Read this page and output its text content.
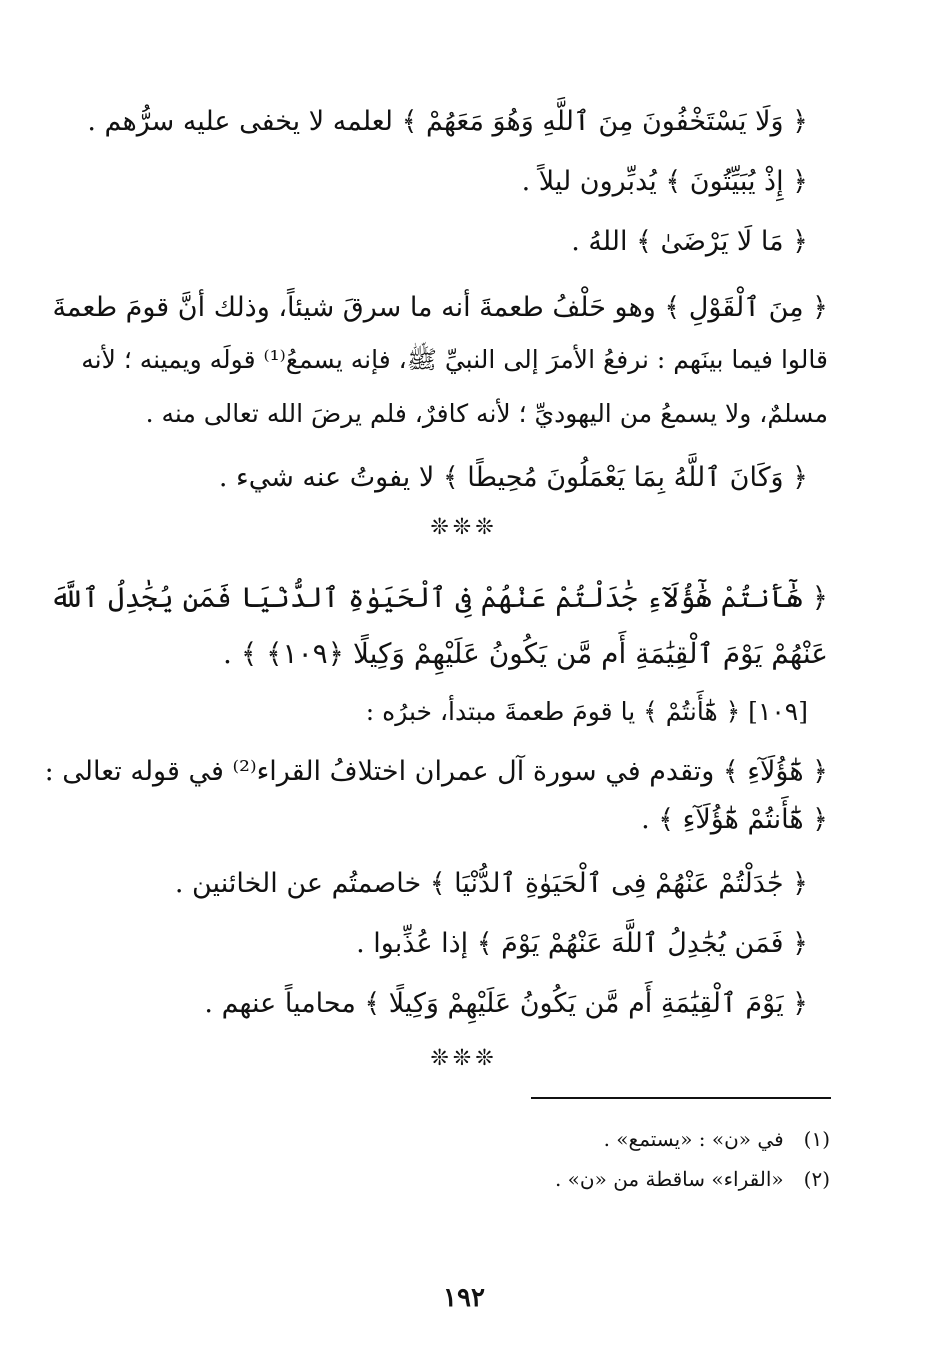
﴿ وَلَا يَسْتَخْفُونَ مِنَ ٱللَّهِ وَهُوَ مَعَهُمْ ﴾ لعلمه لا يخفى عليه سرُّهم .
﴿ إِذْ يُبَيِّتُونَ ﴾ يُدبِّرون ليلاً .
﴿ مَا لَا يَرْضَىٰ ﴾ اللهُ .
﴿ مِنَ ٱلْقَوْلِ ﴾ وهو حَلْفُ طعمةَ أنه ما سرقَ شيئاً، وذلك أنَّ قومَ طعمةَ
قالوا فيما بينَهم : نرفعُ الأمرَ إلى النبيِّ ﷺ، فإنه يسمعُ⁽¹⁾ قولَه ويمينه ؛ لأنه
مسلمٌ، ولا يسمعُ من اليهوديِّ ؛ لأنه كافرٌ، فلم يرضَ الله تعالى منه .
﴿ وَكَانَ ٱللَّهُ بِمَا يَعْمَلُونَ مُحِيطًا ﴾ لا يفوتُ عنه شيء .
❊❊❊
﴿ هَٰٓأَنتُمْ هَٰٓؤُلَآءِ جَٰدَلْتُمْ عَنْهُمْ فِى ٱلْحَيَوٰةِ ٱلدُّنْيَا فَمَن يُجَٰدِلُ ٱللَّهَ
عَنْهُمْ يَوْمَ ٱلْقِيَٰمَةِ أَم مَّن يَكُونُ عَلَيْهِمْ وَكِيلًا ﴿١٠٩﴾ ﴾ .
[١٠٩] ﴿ هَٰٓأَنتُمْ ﴾ يا قومَ طعمةَ مبتدأ، خبرُه :
﴿ هَٰٓؤُلَآءِ ﴾ وتقدم في سورة آل عمران اختلافُ القراء⁽²⁾ في قوله تعالى :
﴿ هَٰٓأَنتُمْ هَٰٓؤُلَآءِ ﴾ .
﴿ جَٰدَلْتُمْ عَنْهُمْ فِى ٱلْحَيَوٰةِ ٱلدُّنْيَا ﴾ خاصمتُم عن الخائنين .
﴿ فَمَن يُجَٰدِلُ ٱللَّهَ عَنْهُمْ يَوْمَ ﴾ إذا عُذِّبوا .
﴿ يَوْمَ ٱلْقِيَٰمَةِ أَم مَّن يَكُونُ عَلَيْهِمْ وَكِيلًا ﴾ محامياً عنهم .
❊❊❊
(١) في «ن» : «يستمع» .
(٢) «القراء» ساقطة من «ن» .
١٩٢
